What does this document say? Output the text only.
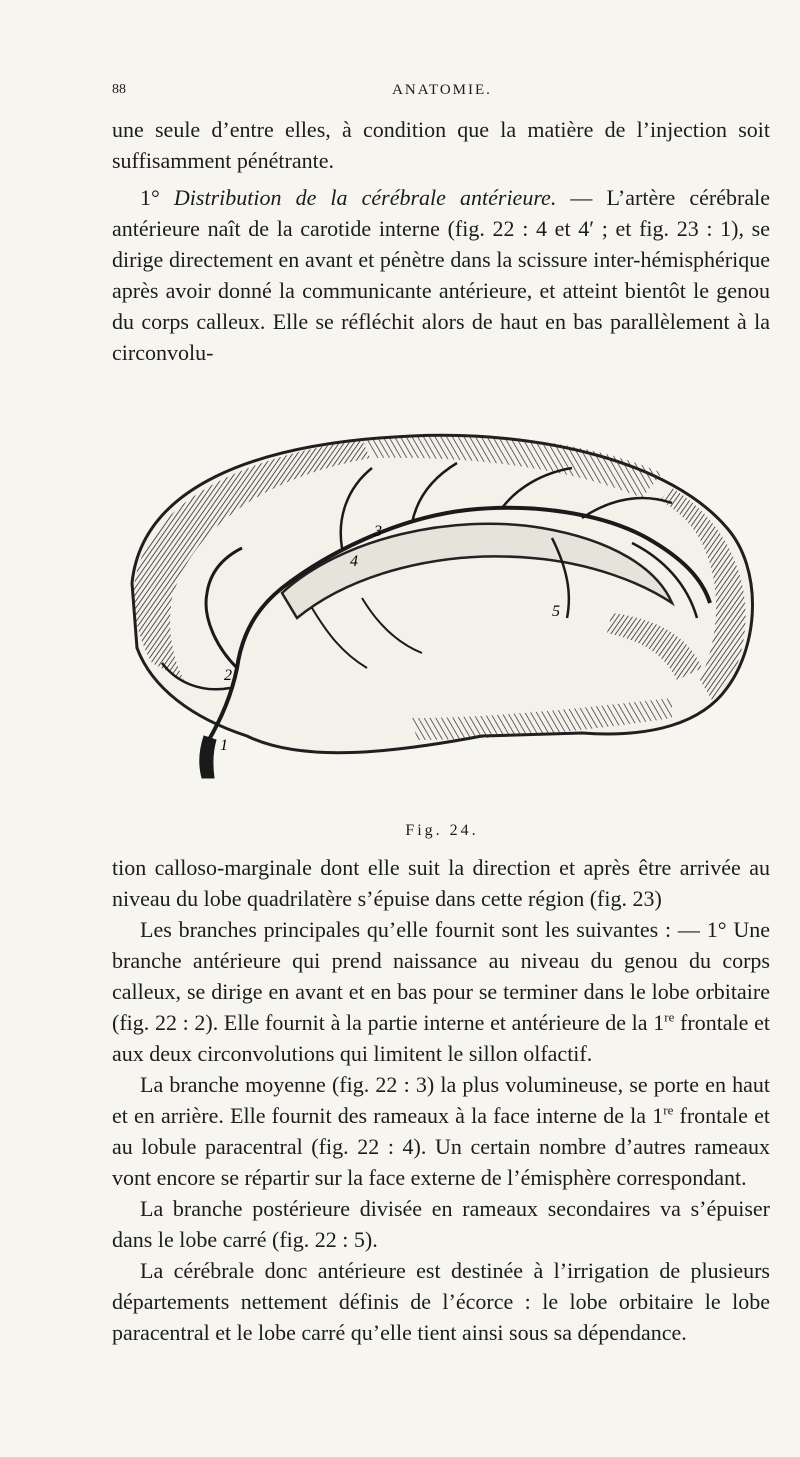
88	ANATOMIE.

une seule d’entre elles, à condition que la matière de l’injection soit suffisamment pénétrante.

1° Distribution de la cérébrale antérieure. — L’artère cérébrale antérieure naît de la carotide interne (fig. 22 : 4 et 4′ ; et fig. 23 : 1), se dirige directement en avant et pénètre dans la scissure inter-hémisphérique après avoir donné la communicante antérieure, et atteint bientôt le genou du corps calleux. Elle se réfléchit alors de haut en bas parallèlement à la circonvolu-

1
2
3
4
5
Fig. 24.

tion calloso-marginale dont elle suit la direction et après être arrivée au niveau du lobe quadrilatère s’épuise dans cette région (fig. 23)

Les branches principales qu’elle fournit sont les suivantes : — 1° Une branche antérieure qui prend naissance au niveau du genou du corps calleux, se dirige en avant et en bas pour se terminer dans le lobe orbitaire (fig. 22 : 2). Elle fournit à la partie interne et antérieure de la 1re frontale et aux deux circonvolutions qui limitent le sillon olfactif.

La branche moyenne (fig. 22 : 3) la plus volumineuse, se porte en haut et en arrière. Elle fournit des rameaux à la face interne de la 1re frontale et au lobule paracentral (fig. 22 : 4). Un certain nombre d’autres rameaux vont encore se répartir sur la face externe de l’émisphère correspondant.

La branche postérieure divisée en rameaux secondaires va s’épuiser dans le lobe carré (fig. 22 : 5).

La cérébrale donc antérieure est destinée à l’irrigation de plusieurs départements nettement définis de l’écorce : le lobe orbitaire le lobe paracentral et le lobe carré qu’elle tient ainsi sous sa dépendance.
